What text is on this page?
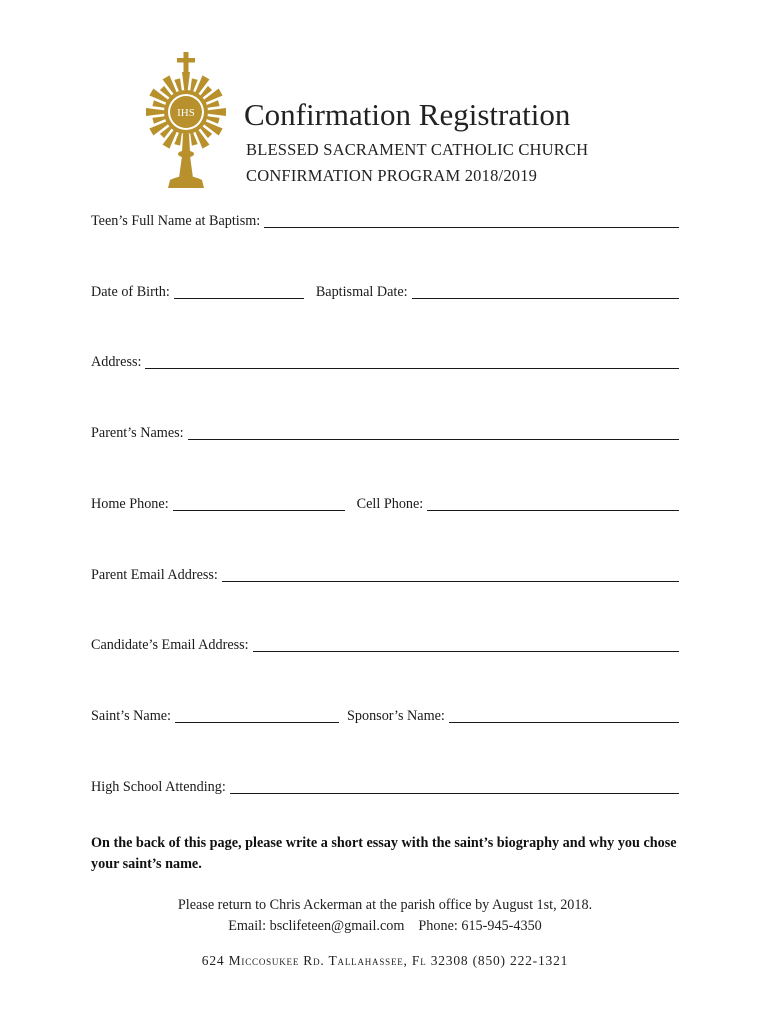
IHS Confirmation Registration
BLESSED SACRAMENT CATHOLIC CHURCH
CONFIRMATION PROGRAM 2018/2019
Teen’s Full Name at Baptism:
Date of Birth:	Baptismal Date:
Address:
Parent’s Names:
Home Phone:	Cell Phone:
Parent Email Address:
Candidate’s Email Address:
Saint’s Name:	Sponsor’s Name:
High School Attending:
On the back of this page, please write a short essay with the saint’s biography and why you chose your saint’s name.
Please return to Chris Ackerman at the parish office by August 1st, 2018.
Email: bsclifeteen@gmail.com Phone: 615-945-4350
624 Miccosukee Rd. Tallahassee, Fl 32308 (850) 222-1321
